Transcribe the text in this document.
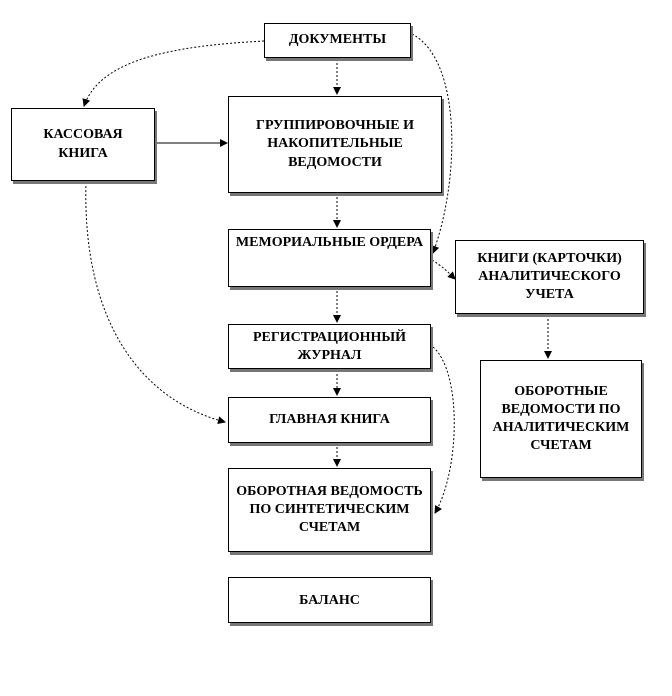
ДОКУМЕНТЫ
КАССОВАЯ КНИГА
ГРУППИРОВОЧНЫЕ И НАКОПИТЕЛЬНЫЕ ВЕДОМОСТИ
МЕМОРИАЛЬНЫЕ ОРДЕРА
КНИГИ (КАРТОЧКИ) АНАЛИТИЧЕСКОГО УЧЕТА
РЕГИСТРАЦИОННЫЙ ЖУРНАЛ
ГЛАВНАЯ КНИГА
ОБОРОТНЫЕ ВЕДОМОСТИ ПО АНАЛИТИЧЕСКИМ СЧЕТАМ
ОБОРОТНАЯ ВЕДОМОСТЬ ПО СИНТЕТИЧЕСКИМ СЧЕТАМ
БАЛАНС
